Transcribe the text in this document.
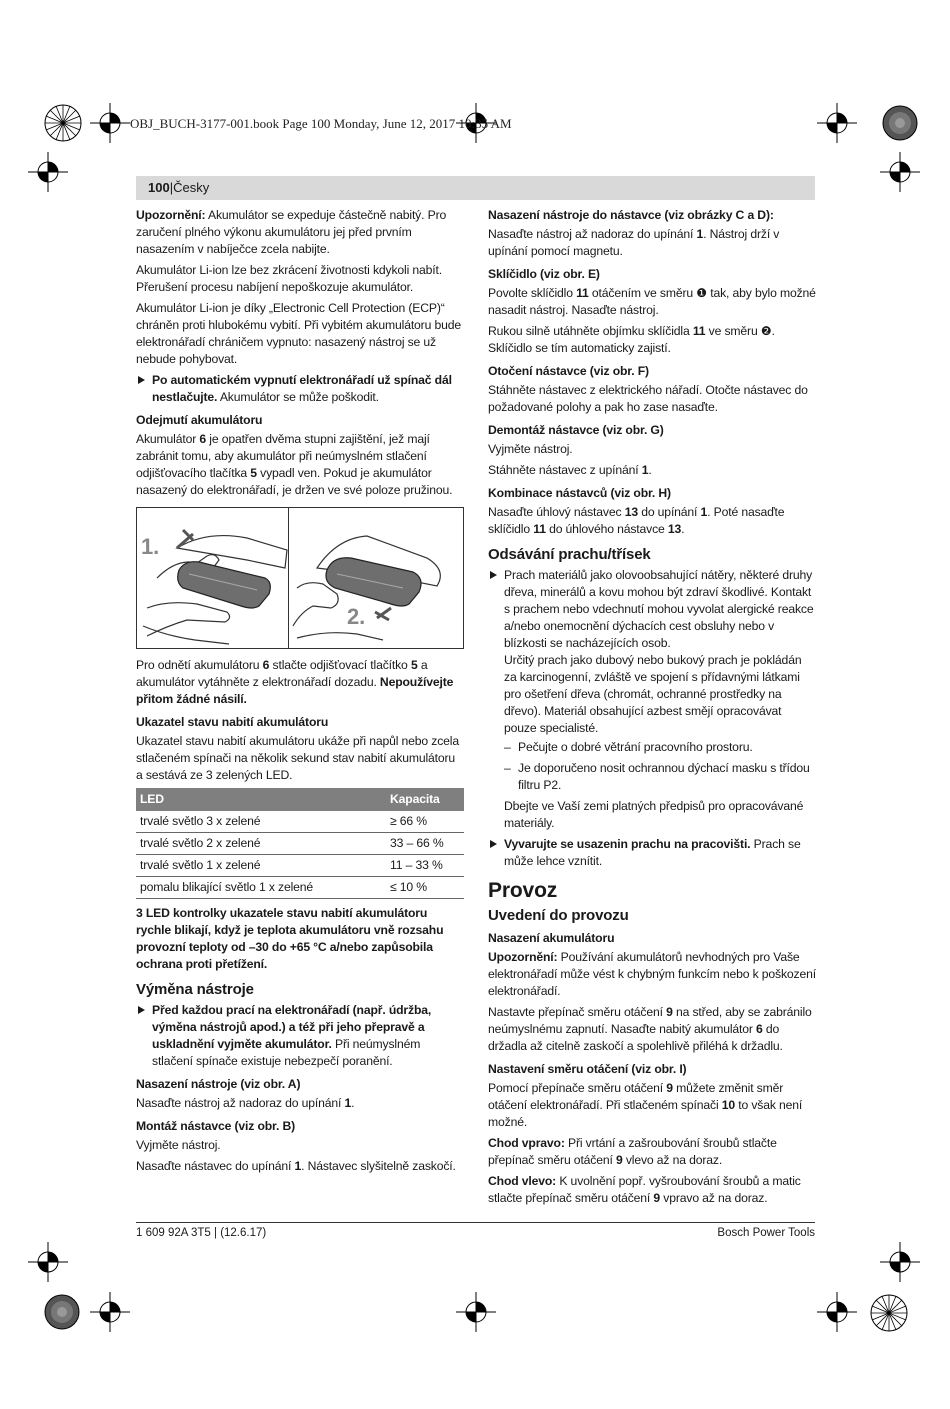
OBJ_BUCH-3177-001.book Page 100 Monday, June 12, 2017 10:35 AM
100|Česky

Upozornění: Akumulátor se expeduje částečně nabitý. Pro zaručení plného výkonu akumulátoru jej před prvním nasazením v nabíječce zcela nabijte.

Akumulátor Li-ion lze bez zkrácení životnosti kdykoli nabít. Přerušení procesu nabíjení nepoškozuje akumulátor.

Akumulátor Li-ion je díky „Electronic Cell Protection (ECP)“ chráněn proti hlubokému vybití. Při vybitém akumulátoru bude elektronářadí chráničem vypnuto: nasazený nástroj se už nebude pohybovat.

Po automatickém vypnutí elektronářadí už spínač dál nestlačujte. Akumulátor se může poškodit.

Odejmutí akumulátoru

Akumulátor 6 je opatřen dvěma stupni zajištění, jež mají zabránit tomu, aby akumulátor při neúmyslném stlačení odjišťovacího tlačítka 5 vypadl ven. Pokud je akumulátor nasazený do elektronářadí, je držen ve své poloze pružinou.

1.
2.

Pro odnětí akumulátoru 6 stlačte odjišťovací tlačítko 5 a akumulátor vytáhněte z elektronářadí dozadu. Nepoužívejte přitom žádné násilí.

Ukazatel stavu nabití akumulátoru

Ukazatel stavu nabití akumulátoru ukáže při napůl nebo zcela stlačeném spínači na několik sekund stav nabití akumulátoru a sestává ze 3 zelených LED.

LED	Kapacita
trvalé světlo 3 x zelené	≥ 66 %
trvalé světlo 2 x zelené	33 – 66 %
trvalé světlo 1 x zelené	11 – 33 %
pomalu blikající světlo 1 x zelené	≤ 10 %

3 LED kontrolky ukazatele stavu nabití akumulátoru rychle blikají, když je teplota akumulátoru vně rozsahu provozní teploty od –30 do +65 °C a/nebo zapůsobila ochrana proti přetížení.

Výměna nástroje

Před každou prací na elektronářadí (např. údržba, výměna nástrojů apod.) a též při jeho přepravě a uskladnění vyjměte akumulátor. Při neúmyslném stlačení spínače existuje nebezpečí poranění.

Nasazení nástroje (viz obr. A)

Nasaďte nástroj až nadoraz do upínání 1.

Montáž nástavce (viz obr. B)

Vyjměte nástroj.

Nasaďte nástavec do upínání 1. Nástavec slyšitelně zaskočí.

Nasazení nástroje do nástavce (viz obrázky C a D):

Nasaďte nástroj až nadoraz do upínání 1. Nástroj drží v upínání pomocí magnetu.

Sklíčidlo (viz obr. E)

Povolte sklíčidlo 11 otáčením ve směru ❶ tak, aby bylo možné nasadit nástroj. Nasaďte nástroj.

Rukou silně utáhněte objímku sklíčidla 11 ve směru ❷. Sklíčidlo se tím automaticky zajistí.

Otočení nástavce (viz obr. F)

Stáhněte nástavec z elektrického nářadí. Otočte nástavec do požadované polohy a pak ho zase nasaďte.

Demontáž nástavce (viz obr. G)

Vyjměte nástroj.

Stáhněte nástavec z upínání 1.

Kombinace nástavců (viz obr. H)

Nasaďte úhlový nástavec 13 do upínání 1. Poté nasaďte sklíčidlo 11 do úhlového nástavce 13.

Odsávání prachu/třísek

Prach materiálů jako olovoobsahující nátěry, některé druhy dřeva, minerálů a kovu mohou být zdraví škodlivé. Kontakt s prachem nebo vdechnutí mohou vyvolat alergické reakce a/nebo onemocnění dýchacích cest obsluhy nebo v blízkosti se nacházejících osob.

Určitý prach jako dubový nebo bukový prach je pokládán za karcinogenní, zvláště ve spojení s přídavnými látkami pro ošetření dřeva (chromát, ochranné prostředky na dřevo). Materiál obsahující azbest smějí opracovávat pouze specialisté.

– Pečujte o dobré větrání pracovního prostoru.

– Je doporučeno nosit ochrannou dýchací masku s třídou filtru P2.

Dbejte ve Vaší zemi platných předpisů pro opracovávané materiály.

Vyvarujte se usazenin prachu na pracovišti. Prach se může lehce vznítit.

Provoz
Uvedení do provozu
Nasazení akumulátoru

Upozornění: Používání akumulátorů nevhodných pro Vaše elektronářadí může vést k chybným funkcím nebo k poškození elektronářadí.

Nastavte přepínač směru otáčení 9 na střed, aby se zabránilo neúmyslnému zapnutí. Nasaďte nabitý akumulátor 6 do držadla až citelně zaskočí a spolehlivě přiléhá k držadlu.

Nastavení směru otáčení (viz obr. I)

Pomocí přepínače směru otáčení 9 můžete změnit směr otáčení elektronářadí. Při stlačeném spínači 10 to však není možné.

Chod vpravo: Při vrtání a zašroubování šroubů stlačte přepínač směru otáčení 9 vlevo až na doraz.

Chod vlevo: K uvolnění popř. vyšroubování šroubů a matic stlačte přepínač směru otáčení 9 vpravo až na doraz.

1 609 92A 3T5 | (12.6.17)	Bosch Power Tools
